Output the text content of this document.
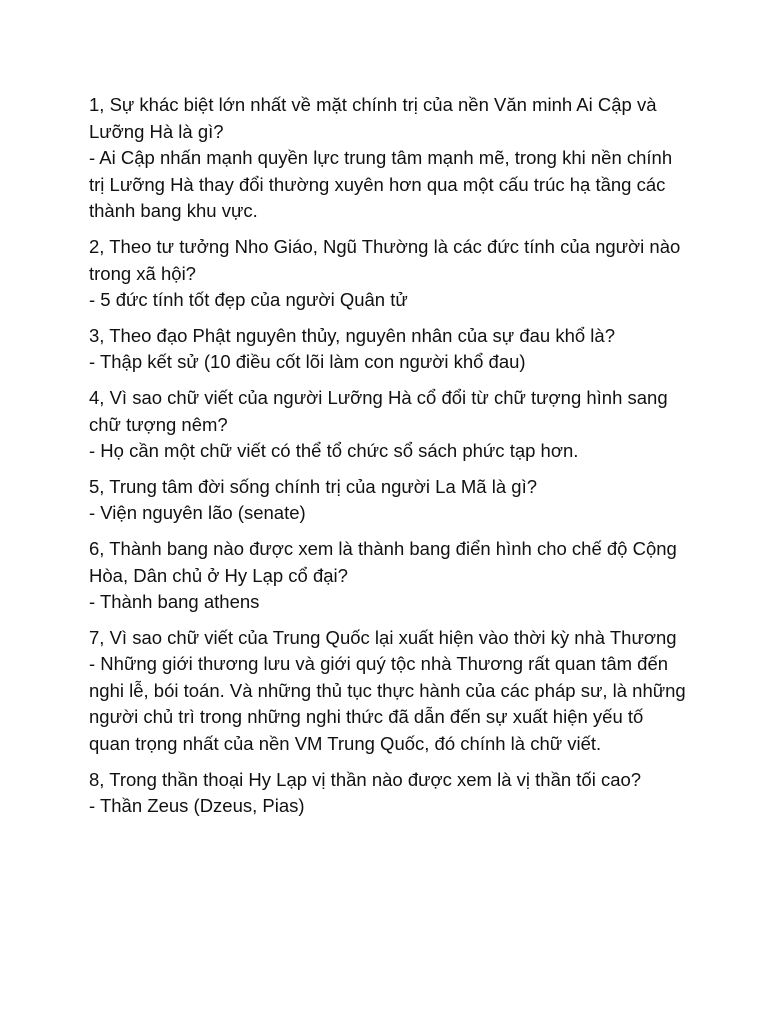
1, Sự khác biệt lớn nhất về mặt chính trị của nền Văn minh Ai Cập và Lưỡng Hà là gì?

- Ai Cập nhấn mạnh quyền lực trung tâm mạnh mẽ, trong khi nền chính trị Lưỡng Hà thay đổi thường xuyên hơn qua một cấu trúc hạ tầng các thành bang khu vực.

2, Theo tư tưởng Nho Giáo, Ngũ Thường là các đức tính của người nào trong xã hội?

- 5 đức tính tốt đẹp của người Quân tử

3, Theo đạo Phật nguyên thủy, nguyên nhân của sự đau khổ là?

- Thập kết sử (10 điều cốt lõi làm con người khổ đau)

4, Vì sao chữ viết của người Lưỡng Hà cổ đổi từ chữ tượng hình sang chữ tượng nêm?

- Họ cần một chữ viết có thể tổ chức sổ sách phức tạp hơn.

5, Trung tâm đời sống chính trị của người La Mã là gì?

- Viện nguyên lão (senate)

6, Thành bang nào được xem là thành bang điển hình cho chế độ Cộng Hòa, Dân chủ ở Hy Lạp cổ đại?

- Thành bang athens

7, Vì sao chữ viết của Trung Quốc lại xuất hiện vào thời kỳ nhà Thương

- Những giới thương lưu và giới quý tộc nhà Thương rất quan tâm đến nghi lễ, bói toán. Và những thủ tục thực hành của các pháp sư, là những người chủ trì trong những nghi thức đã dẫn đến sự xuất hiện yếu tố quan trọng nhất của nền VM Trung Quốc, đó chính là chữ viết.

8, Trong thần thoại Hy Lạp vị thần nào được xem là vị thần tối cao?

- Thần Zeus (Dzeus, Pias)
